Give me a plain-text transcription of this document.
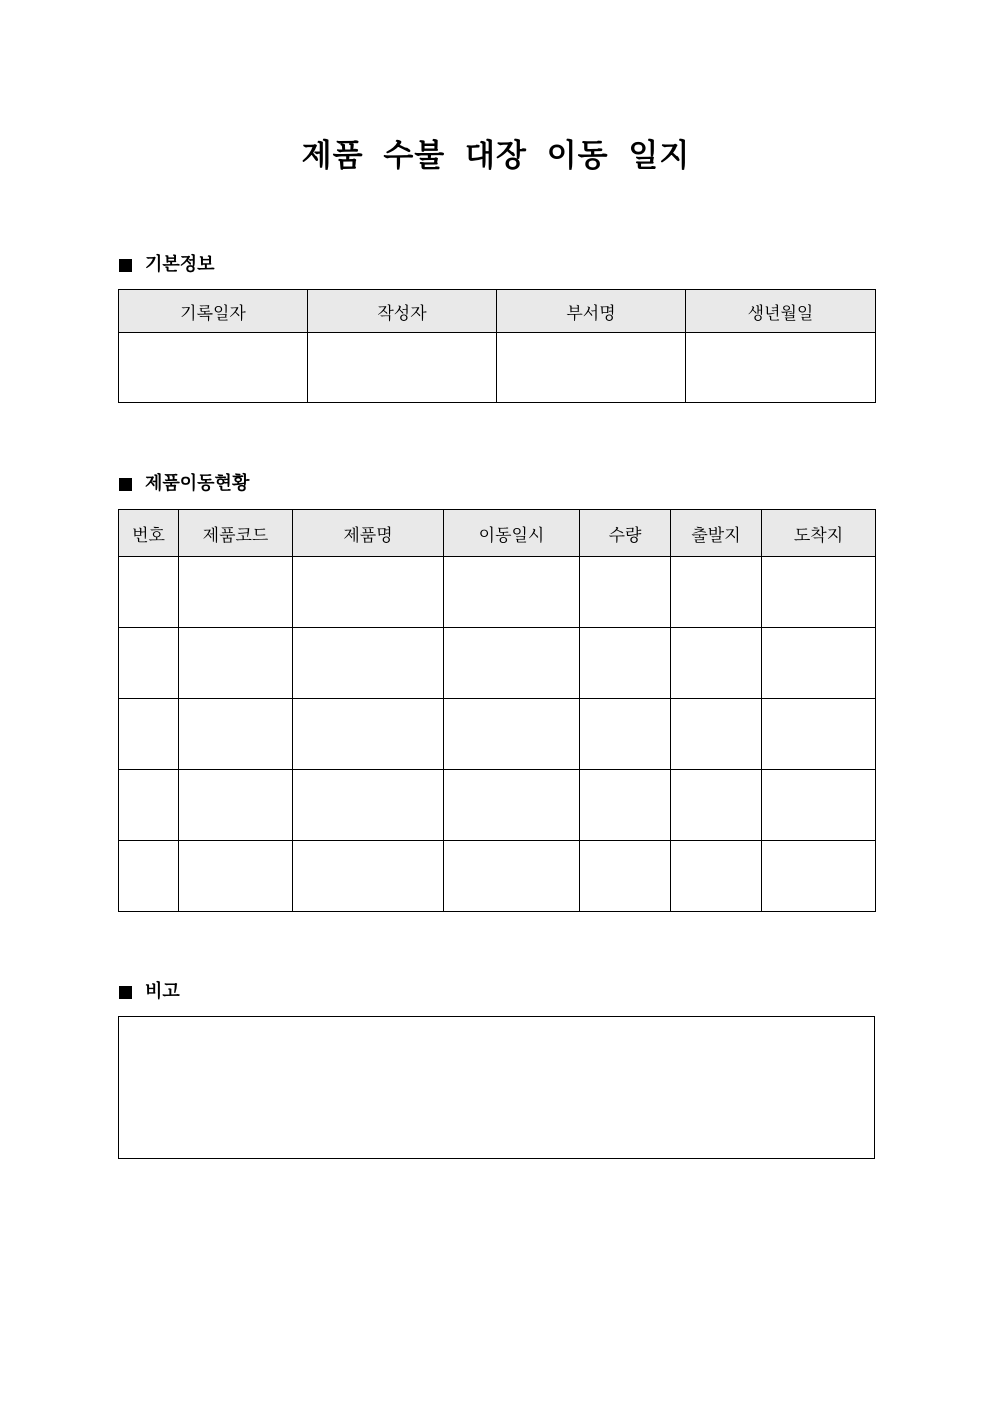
제품 수불 대장 이동 일지
기본정보
기록일자	작성자	부서명	생년월일

제품이동현황
번호	제품코드	제품명	이동일시	수량	출발지	도착지

비고
